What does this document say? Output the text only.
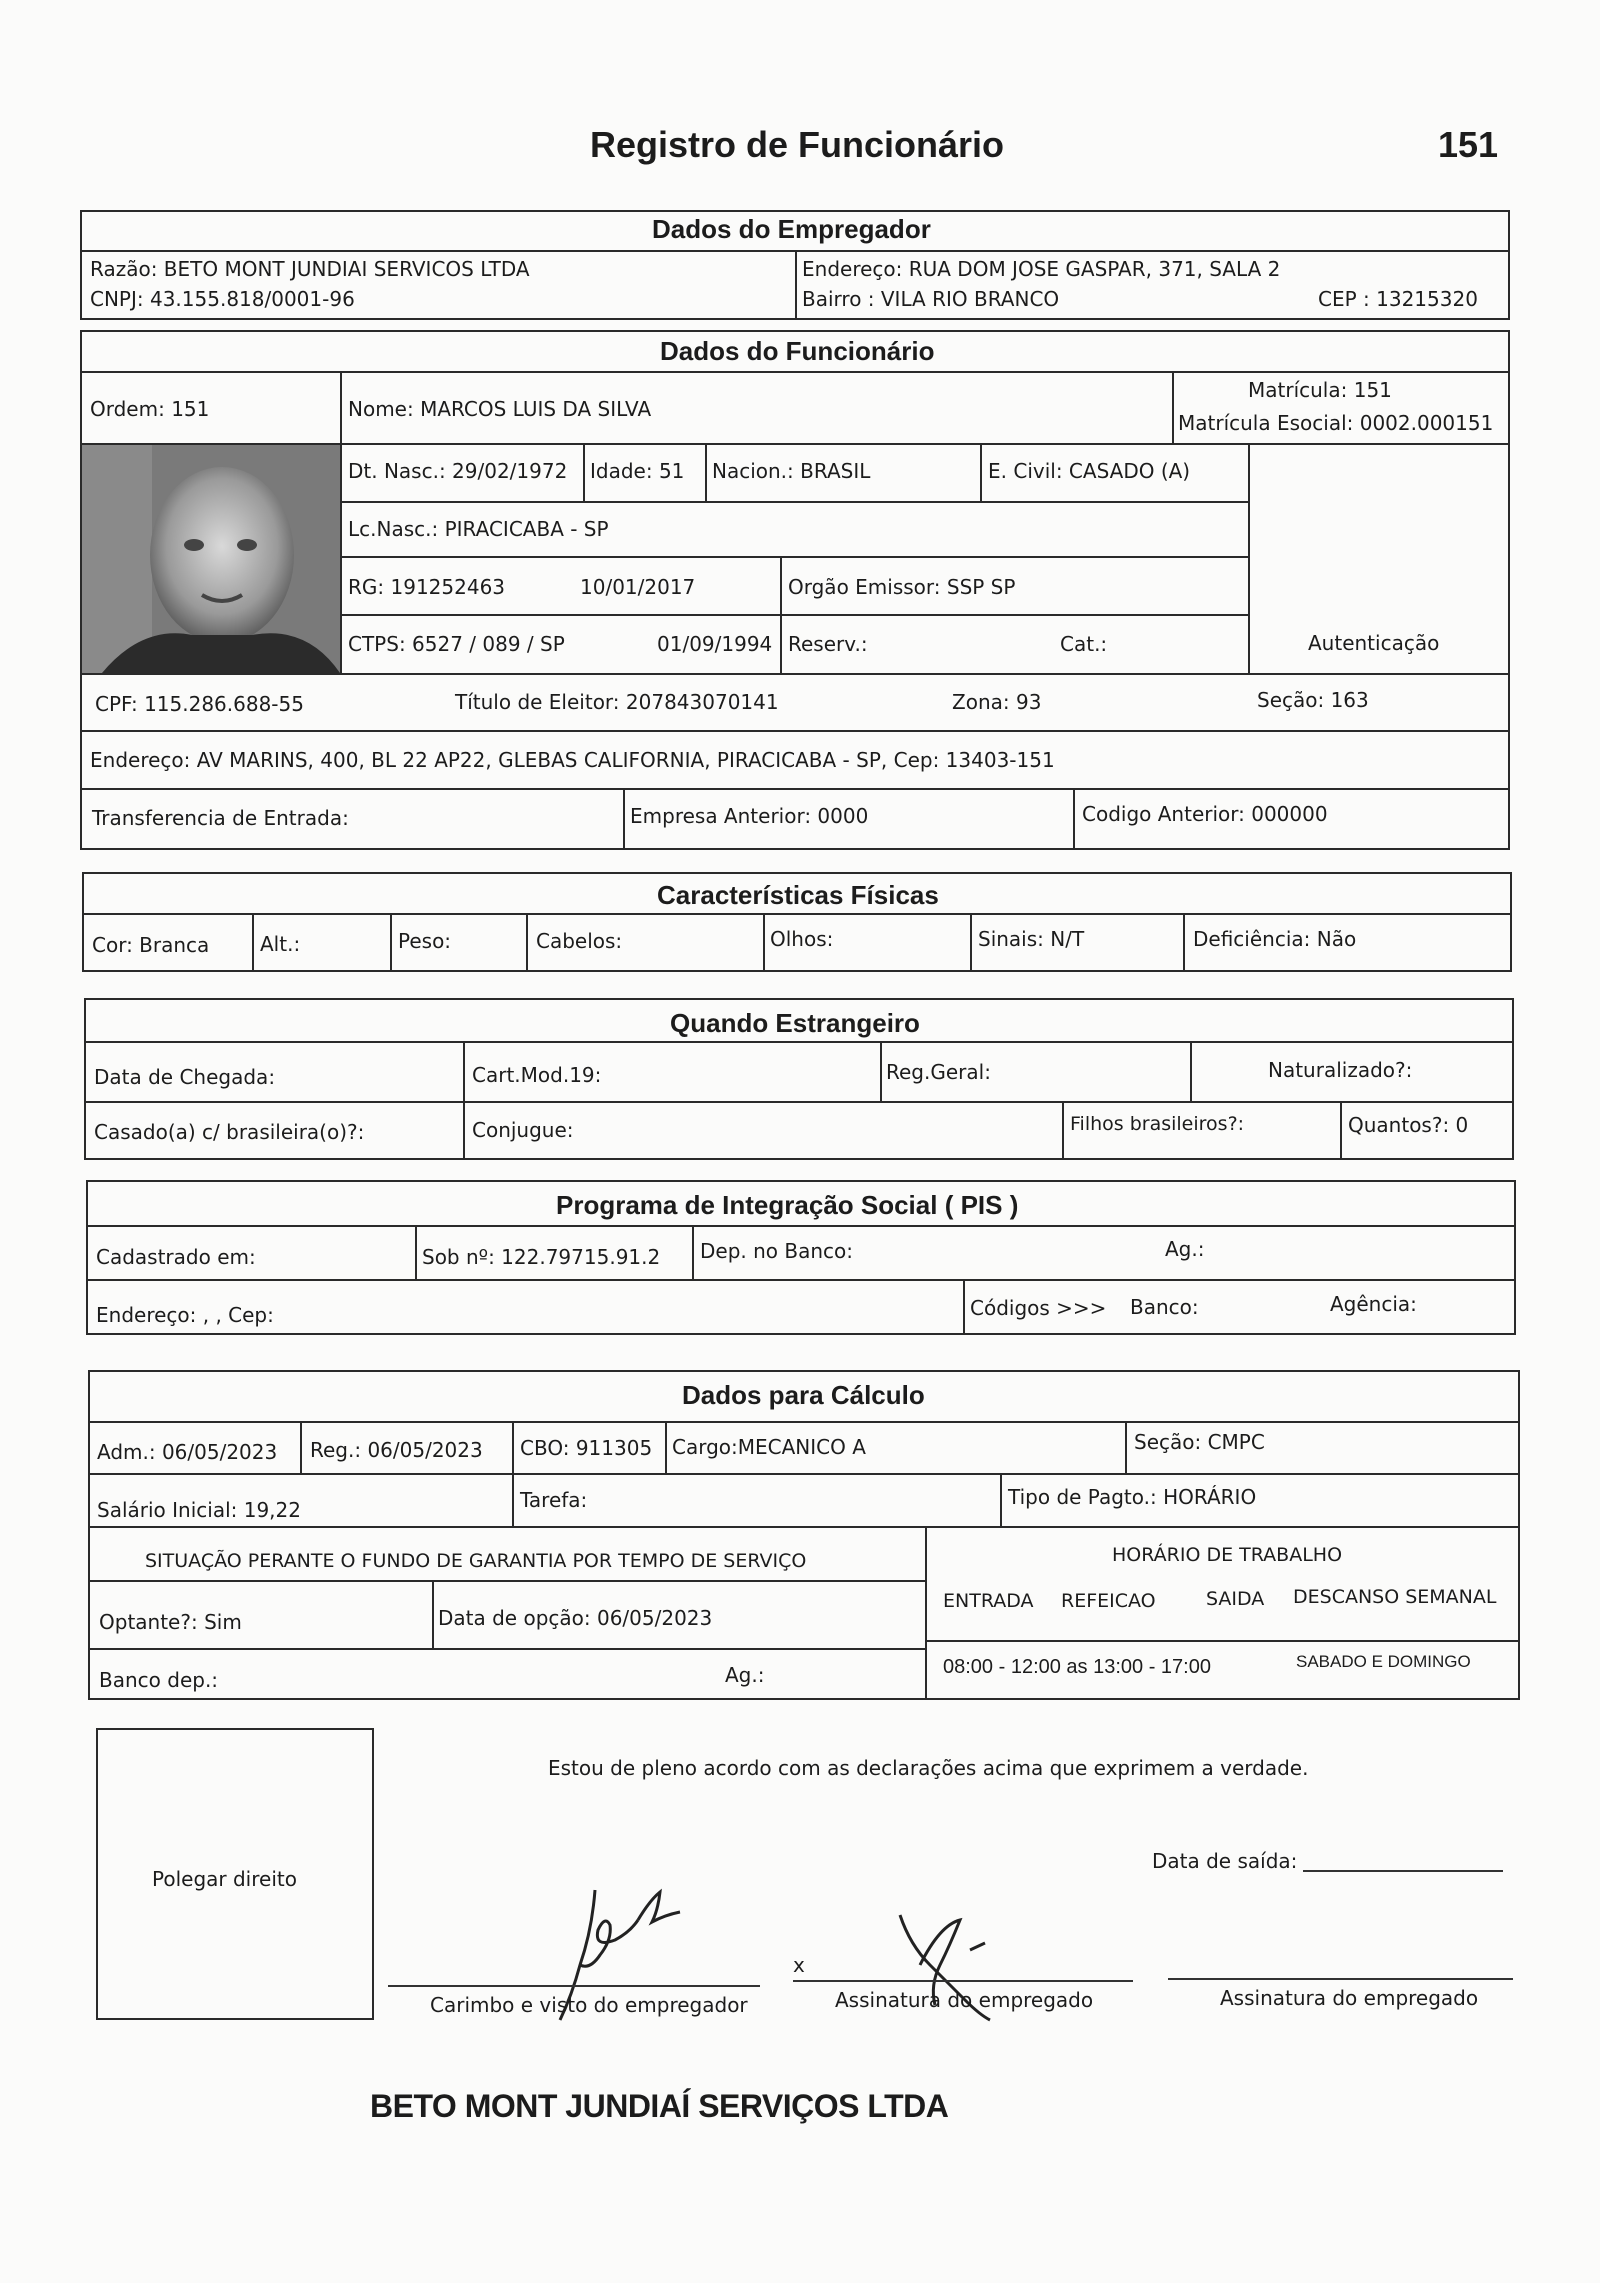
Registro de Funcionário	151
Dados do Empregador
Razão: BETO MONT JUNDIAI SERVICOS LTDA
CNPJ: 43.155.818/0001-96
Endereço: RUA DOM JOSE GASPAR, 371, SALA 2
Bairro : VILA RIO BRANCO	CEP : 13215320
Dados do Funcionário
Ordem: 151	Nome: MARCOS LUIS DA SILVA
Matrícula: 151
Matrícula Esocial: 0002.000151
Dt. Nasc.: 29/02/1972 Idade: 51 Nacion.: BRASIL	E. Civil: CASADO (A)
Lc.Nasc.: PIRACICABA - SP
RG: 191252463	10/01/2017	Orgão Emissor: SSP SP
CTPS: 6527 / 089 / SP	01/09/1994 Reserv.:	Cat.:	Autenticação
CPF: 115.286.688-55	Título de Eleitor: 207843070141	Zona: 93	Seção: 163
Endereço: AV MARINS, 400, BL 22 AP22, GLEBAS CALIFORNIA, PIRACICABA - SP, Cep: 13403-151
Transferencia de Entrada:	Empresa Anterior: 0000	Codigo Anterior: 000000
Características Físicas
Cor: Branca	Alt.:	Peso:	Cabelos:	Olhos:	Sinais: N/T	Deficiência: Não
Quando Estrangeiro
Data de Chegada:	Cart.Mod.19:	Reg.Geral:	Naturalizado?:
Casado(a) c/ brasileira(o)?:	Conjugue:	Filhos brasileiros?:	Quantos?: 0
Programa de Integração Social ( PIS )
Cadastrado em:	Sob nº: 122.79715.91.2 Dep. no Banco:	Ag.:
Endereço: , , Cep:	Códigos >>> Banco:	Agência:
Dados para Cálculo
Adm.: 06/05/2023 Reg.: 06/05/2023 CBO: 911305 Cargo:MECANICO A	Seção: CMPC
Salário Inicial: 19,22	Tarefa:	Tipo de Pagto.: HORÁRIO
SITUAÇÃO PERANTE O FUNDO DE GARANTIA POR TEMPO DE SERVIÇO	HORÁRIO DE TRABALHO
Optante?: Sim	Data de opção: 06/05/2023
ENTRADA REFEICAO	SAIDA DESCANSO SEMANAL
Banco dep.:	Ag.:	08:00 - 12:00 as 13:00 - 17:00	SABADO E DOMINGO
Polegar direito
Estou de pleno acordo com as declarações acima que exprimem a verdade.
Data de saída:
x
Carimbo e visto do empregador	Assinatura do empregado	Assinatura do empregado
BETO MONT JUNDIAÍ SERVIÇOS LTDA
